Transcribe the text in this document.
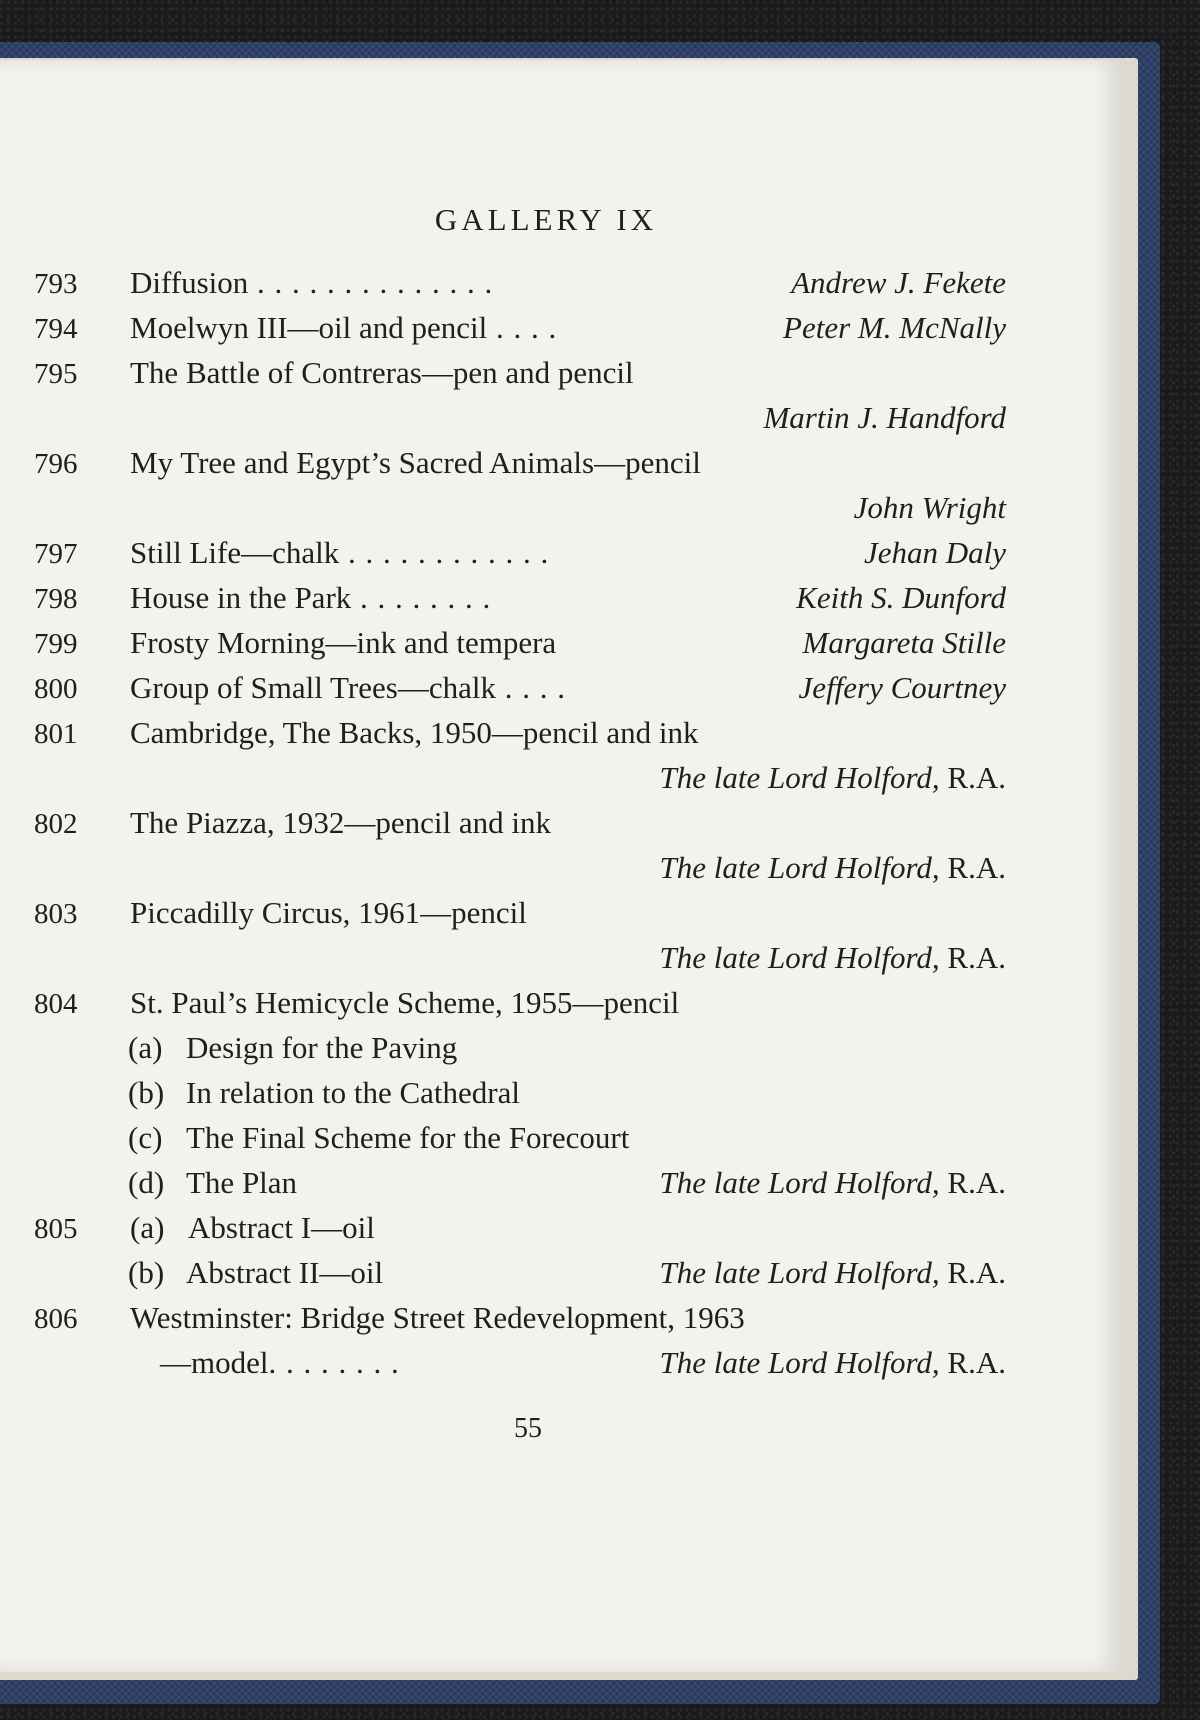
GALLERY IX
793	Diffusion . . . . . . . . . . . . . .	Andrew J. Fekete
794	Moelwyn III—oil and pencil . . . .	Peter M. McNally
795	The Battle of Contreras—pen and pencil
Martin J. Handford
796	My Tree and Egypt’s Sacred Animals—pencil
John Wright
797	Still Life—chalk . . . . . . . . . . . .	Jehan Daly
798	House in the Park . . . . . . . .	Keith S. Dunford
799	Frosty Morning—ink and tempera	Margareta Stille
800	Group of Small Trees—chalk . . . .	Jeffery Courtney
801	Cambridge, The Backs, 1950—pencil and ink
The late Lord Holford, R.A.
802	The Piazza, 1932—pencil and ink
The late Lord Holford, R.A.
803	Piccadilly Circus, 1961—pencil
The late Lord Holford, R.A.
804	St. Paul’s Hemicycle Scheme, 1955—pencil
(a) Design for the Paving
(b) In relation to the Cathedral
(c) The Final Scheme for the Forecourt
(d) The Plan	The late Lord Holford, R.A.
805	(a) Abstract I—oil
(b) Abstract II—oil	The late Lord Holford, R.A.
806	Westminster: Bridge Street Redevelopment, 1963
—model. . . . . . . .	The late Lord Holford, R.A.
55
